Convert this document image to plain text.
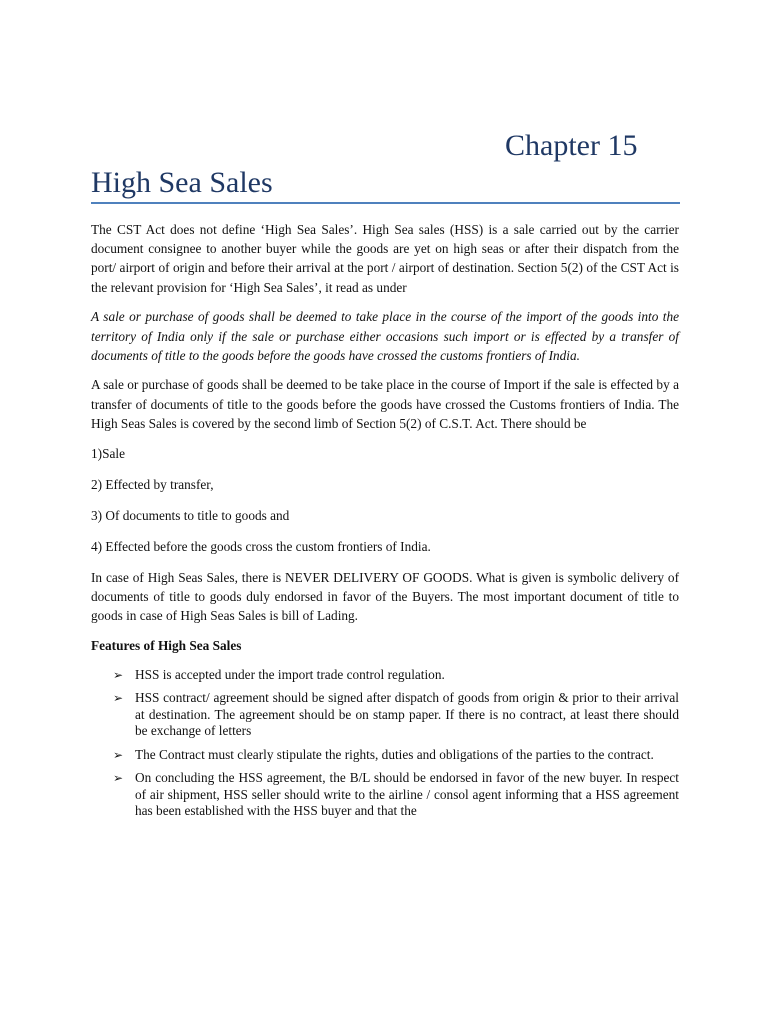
Chapter 15
High Sea Sales

The CST Act does not define ‘High Sea Sales’. High Sea sales (HSS) is a sale carried out by the carrier document consignee to another buyer while the goods are yet on high seas or after their dispatch from the port/ airport of origin and before their arrival at the port / airport of destination. Section 5(2) of the CST Act is the relevant provision for ‘High Sea Sales’, it read as under

A sale or purchase of goods shall be deemed to take place in the course of the import of the goods into the territory of India only if the sale or purchase either occasions such import or is effected by a transfer of documents of title to the goods before the goods have crossed the customs frontiers of India.

A sale or purchase of goods shall be deemed to be take place in the course of Import if the sale is effected by a transfer of documents of title to the goods before the goods have crossed the Customs frontiers of India. The High Seas Sales is covered by the second limb of Section 5(2) of C.S.T. Act. There should be

1)Sale

2) Effected by transfer,

3) Of documents to title to goods and

4) Effected before the goods cross the custom frontiers of India.

In case of High Seas Sales, there is NEVER DELIVERY OF GOODS. What is given is symbolic delivery of documents of title to goods duly endorsed in favor of the Buyers. The most important document of title to goods in case of High Seas Sales is bill of Lading.

Features of High Sea Sales

➢ HSS is accepted under the import trade control regulation.
➢ HSS contract/ agreement should be signed after dispatch of goods from origin & prior to their arrival at destination. The agreement should be on stamp paper. If there is no contract, at least there should be exchange of letters
➢ The Contract must clearly stipulate the rights, duties and obligations of the parties to the contract.
➢ On concluding the HSS agreement, the B/L should be endorsed in favor of the new buyer. In respect of air shipment, HSS seller should write to the airline / consol agent informing that a HSS agreement has been established with the HSS buyer and that the
